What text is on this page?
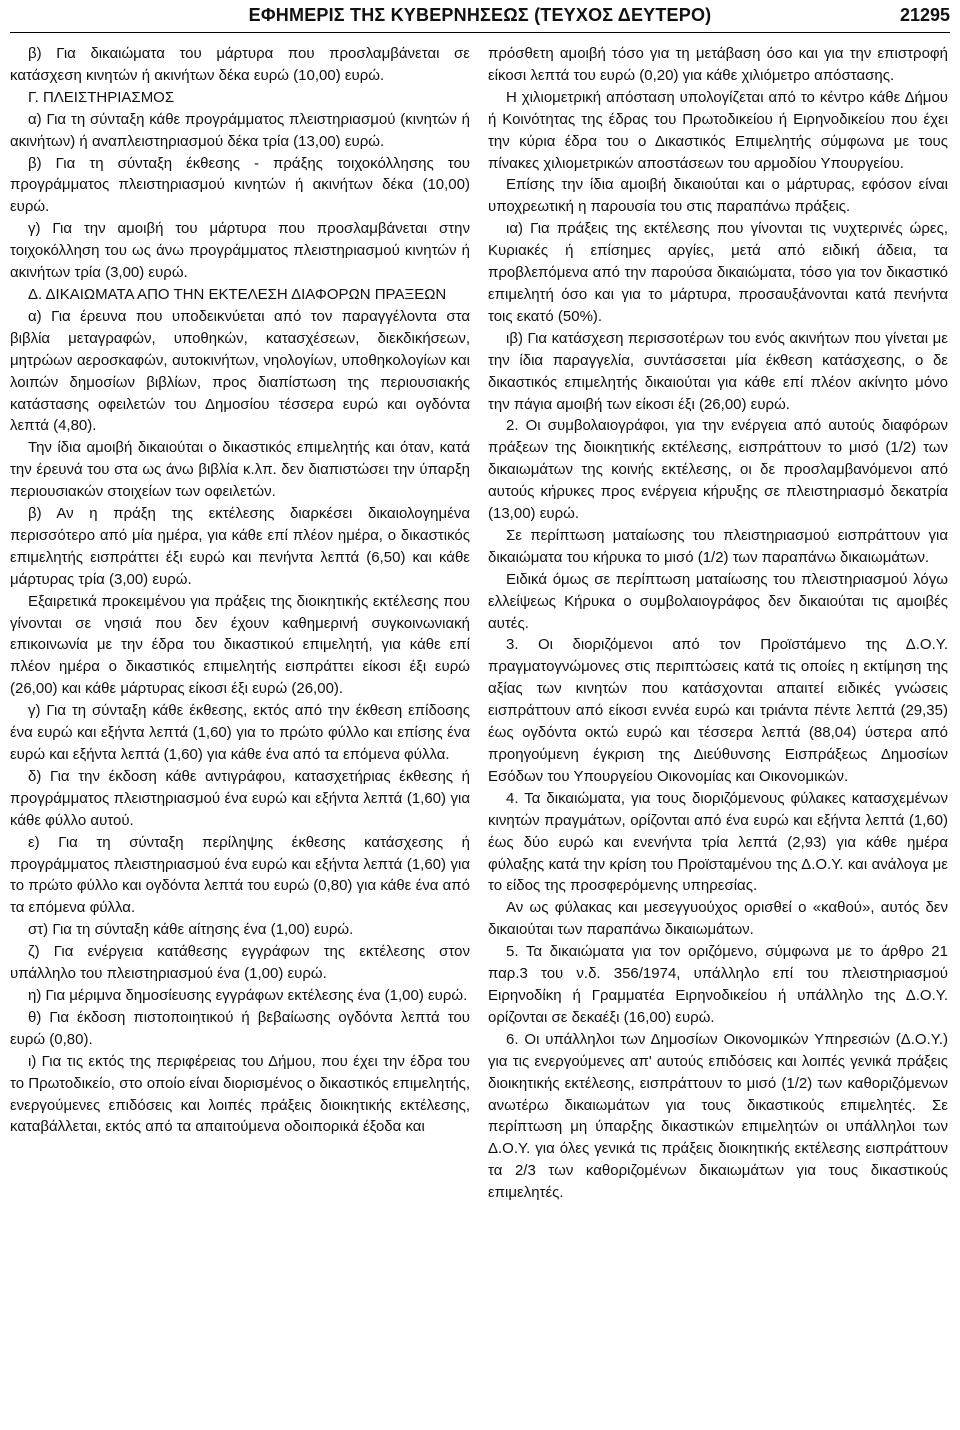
ΕΦΗΜΕΡΙΣ ΤΗΣ ΚΥΒΕΡΝΗΣΕΩΣ (ΤΕΥΧΟΣ ΔΕΥΤΕΡΟ)	21295

β) Για δικαιώματα του μάρτυρα που προσλαμβάνεται σε κατάσχεση κινητών ή ακινήτων δέκα ευρώ (10,00) ευρώ.

Γ. ΠΛΕΙΣΤΗΡΙΑΣΜΟΣ

α) Για τη σύνταξη κάθε προγράμματος πλειστηριασμού (κινητών ή ακινήτων) ή αναπλειστηριασμού δέκα τρία (13,00) ευρώ.

β) Για τη σύνταξη έκθεσης - πράξης τοιχοκόλλησης του προγράμματος πλειστηριασμού κινητών ή ακινήτων δέκα (10,00) ευρώ.

γ) Για την αμοιβή του μάρτυρα που προσλαμβάνεται στην τοιχοκόλληση του ως άνω προγράμματος πλειστηριασμού κινητών ή ακινήτων τρία (3,00) ευρώ.

Δ. ΔΙΚΑΙΩΜΑΤΑ ΑΠΟ ΤΗΝ ΕΚΤΕΛΕΣΗ ΔΙΑΦΟΡΩΝ ΠΡΑΞΕΩΝ

α) Για έρευνα που υποδεικνύεται από τον παραγγέλοντα στα βιβλία μεταγραφών, υποθηκών, κατασχέσεων, διεκδικήσεων, μητρώων αεροσκαφών, αυτοκινήτων, νηολογίων, υποθηκολογίων και λοιπών δημοσίων βιβλίων, προς διαπίστωση της περιουσιακής κατάστασης οφειλετών του Δημοσίου τέσσερα ευρώ και ογδόντα λεπτά (4,80).

Την ίδια αμοιβή δικαιούται ο δικαστικός επιμελητής και όταν, κατά την έρευνά του στα ως άνω βιβλία κ.λπ. δεν διαπιστώσει την ύπαρξη περιουσιακών στοιχείων των οφειλετών.

β) Αν η πράξη της εκτέλεσης διαρκέσει δικαιολογημένα περισσότερο από μία ημέρα, για κάθε επί πλέον ημέρα, ο δικαστικός επιμελητής εισπράττει έξι ευρώ και πενήντα λεπτά (6,50) και κάθε μάρτυρας τρία (3,00) ευρώ.

Εξαιρετικά προκειμένου για πράξεις της διοικητικής εκτέλεσης που γίνονται σε νησιά που δεν έχουν καθημερινή συγκοινωνιακή επικοινωνία με την έδρα του δικαστικού επιμελητή, για κάθε επί πλέον ημέρα ο δικαστικός επιμελητής εισπράττει είκοσι έξι ευρώ (26,00) και κάθε μάρτυρας είκοσι έξι ευρώ (26,00).

γ) Για τη σύνταξη κάθε έκθεσης, εκτός από την έκθεση επίδοσης ένα ευρώ και εξήντα λεπτά (1,60) για το πρώτο φύλλο και επίσης ένα ευρώ και εξήντα λεπτά (1,60) για κάθε ένα από τα επόμενα φύλλα.

δ) Για την έκδοση κάθε αντιγράφου, κατασχετήριας έκθεσης ή προγράμματος πλειστηριασμού ένα ευρώ και εξήντα λεπτά (1,60) για κάθε φύλλο αυτού.

ε) Για τη σύνταξη περίληψης έκθεσης κατάσχεσης ή προγράμματος πλειστηριασμού ένα ευρώ και εξήντα λεπτά (1,60) για το πρώτο φύλλο και ογδόντα λεπτά του ευρώ (0,80) για κάθε ένα από τα επόμενα φύλλα.

στ) Για τη σύνταξη κάθε αίτησης ένα (1,00) ευρώ.

ζ) Για ενέργεια κατάθεσης εγγράφων της εκτέλεσης στον υπάλληλο του πλειστηριασμού ένα (1,00) ευρώ.

η) Για μέριμνα δημοσίευσης εγγράφων εκτέλεσης ένα (1,00) ευρώ.

θ) Για έκδοση πιστοποιητικού ή βεβαίωσης ογδόντα λεπτά του ευρώ (0,80).

ι) Για τις εκτός της περιφέρειας του Δήμου, που έχει την έδρα του το Πρωτοδικείο, στο οποίο είναι διορισμένος ο δικαστικός επιμελητής, ενεργούμενες επιδόσεις και λοιπές πράξεις διοικητικής εκτέλεσης, καταβάλλεται, εκτός από τα απαιτούμενα οδοιπορικά έξοδα και

πρόσθετη αμοιβή τόσο για τη μετάβαση όσο και για την επιστροφή είκοσι λεπτά του ευρώ (0,20) για κάθε χιλιόμετρο απόστασης.

Η χιλιομετρική απόσταση υπολογίζεται από το κέντρο κάθε Δήμου ή Κοινότητας της έδρας του Πρωτοδικείου ή Ειρηνοδικείου που έχει την κύρια έδρα του ο Δικαστικός Επιμελητής σύμφωνα με τους πίνακες χιλιομετρικών αποστάσεων του αρμοδίου Υπουργείου.

Επίσης την ίδια αμοιβή δικαιούται και ο μάρτυρας, εφόσον είναι υποχρεωτική η παρουσία του στις παραπάνω πράξεις.

ια) Για πράξεις της εκτέλεσης που γίνονται τις νυχτερινές ώρες, Κυριακές ή επίσημες αργίες, μετά από ειδική άδεια, τα προβλεπόμενα από την παρούσα δικαιώματα, τόσο για τον δικαστικό επιμελητή όσο και για το μάρτυρα, προσαυξάνονται κατά πενήντα τοις εκατό (50%).

ιβ) Για κατάσχεση περισσοτέρων του ενός ακινήτων που γίνεται με την ίδια παραγγελία, συντάσσεται μία έκθεση κατάσχεσης, ο δε δικαστικός επιμελητής δικαιούται για κάθε επί πλέον ακίνητο μόνο την πάγια αμοιβή των είκοσι έξι (26,00) ευρώ.

2. Οι συμβολαιογράφοι, για την ενέργεια από αυτούς διαφόρων πράξεων της διοικητικής εκτέλεσης, εισπράττουν το μισό (1/2) των δικαιωμάτων της κοινής εκτέλεσης, οι δε προσλαμβανόμενοι από αυτούς κήρυκες προς ενέργεια κήρυξης σε πλειστηριασμό δεκατρία (13,00) ευρώ.

Σε περίπτωση ματαίωσης του πλειστηριασμού εισπράττουν για δικαιώματα του κήρυκα το μισό (1/2) των παραπάνω δικαιωμάτων.

Ειδικά όμως σε περίπτωση ματαίωσης του πλειστηριασμού λόγω ελλείψεως Κήρυκα ο συμβολαιογράφος δεν δικαιούται τις αμοιβές αυτές.

3. Οι διοριζόμενοι από τον Προϊστάμενο της Δ.Ο.Υ. πραγματογνώμονες στις περιπτώσεις κατά τις οποίες η εκτίμηση της αξίας των κινητών που κατάσχονται απαιτεί ειδικές γνώσεις εισπράττουν από είκοσι εννέα ευρώ και τριάντα πέντε λεπτά (29,35) έως ογδόντα οκτώ ευρώ και τέσσερα λεπτά (88,04) ύστερα από προηγούμενη έγκριση της Διεύθυνσης Εισπράξεως Δημοσίων Εσόδων του Υπουργείου Οικονομίας και Οικονομικών.

4. Τα δικαιώματα, για τους διοριζόμενους φύλακες κατασχεμένων κινητών πραγμάτων, ορίζονται από ένα ευρώ και εξήντα λεπτά (1,60) έως δύο ευρώ και ενενήντα τρία λεπτά (2,93) για κάθε ημέρα φύλαξης κατά την κρίση του Προϊσταμένου της Δ.Ο.Υ. και ανάλογα με το είδος της προσφερόμενης υπηρεσίας.

Αν ως φύλακας και μεσεγγυούχος ορισθεί ο «καθού», αυτός δεν δικαιούται των παραπάνω δικαιωμάτων.

5. Τα δικαιώματα για τον οριζόμενο, σύμφωνα με το άρθρο 21 παρ.3 του ν.δ. 356/1974, υπάλληλο επί του πλειστηριασμού Ειρηνοδίκη ή Γραμματέα Ειρηνοδικείου ή υπάλληλο της Δ.Ο.Υ. ορίζονται σε δεκαέξι (16,00) ευρώ.

6. Οι υπάλληλοι των Δημοσίων Οικονομικών Υπηρεσιών (Δ.Ο.Υ.) για τις ενεργούμενες απ' αυτούς επιδόσεις και λοιπές γενικά πράξεις διοικητικής εκτέλεσης, εισπράττουν το μισό (1/2) των καθοριζόμενων ανωτέρω δικαιωμάτων για τους δικαστικούς επιμελητές. Σε περίπτωση μη ύπαρξης δικαστικών επιμελητών οι υπάλληλοι των Δ.Ο.Υ. για όλες γενικά τις πράξεις διοικητικής εκτέλεσης εισπράττουν τα 2/3 των καθοριζομένων δικαιωμάτων για τους δικαστικούς επιμελητές.
